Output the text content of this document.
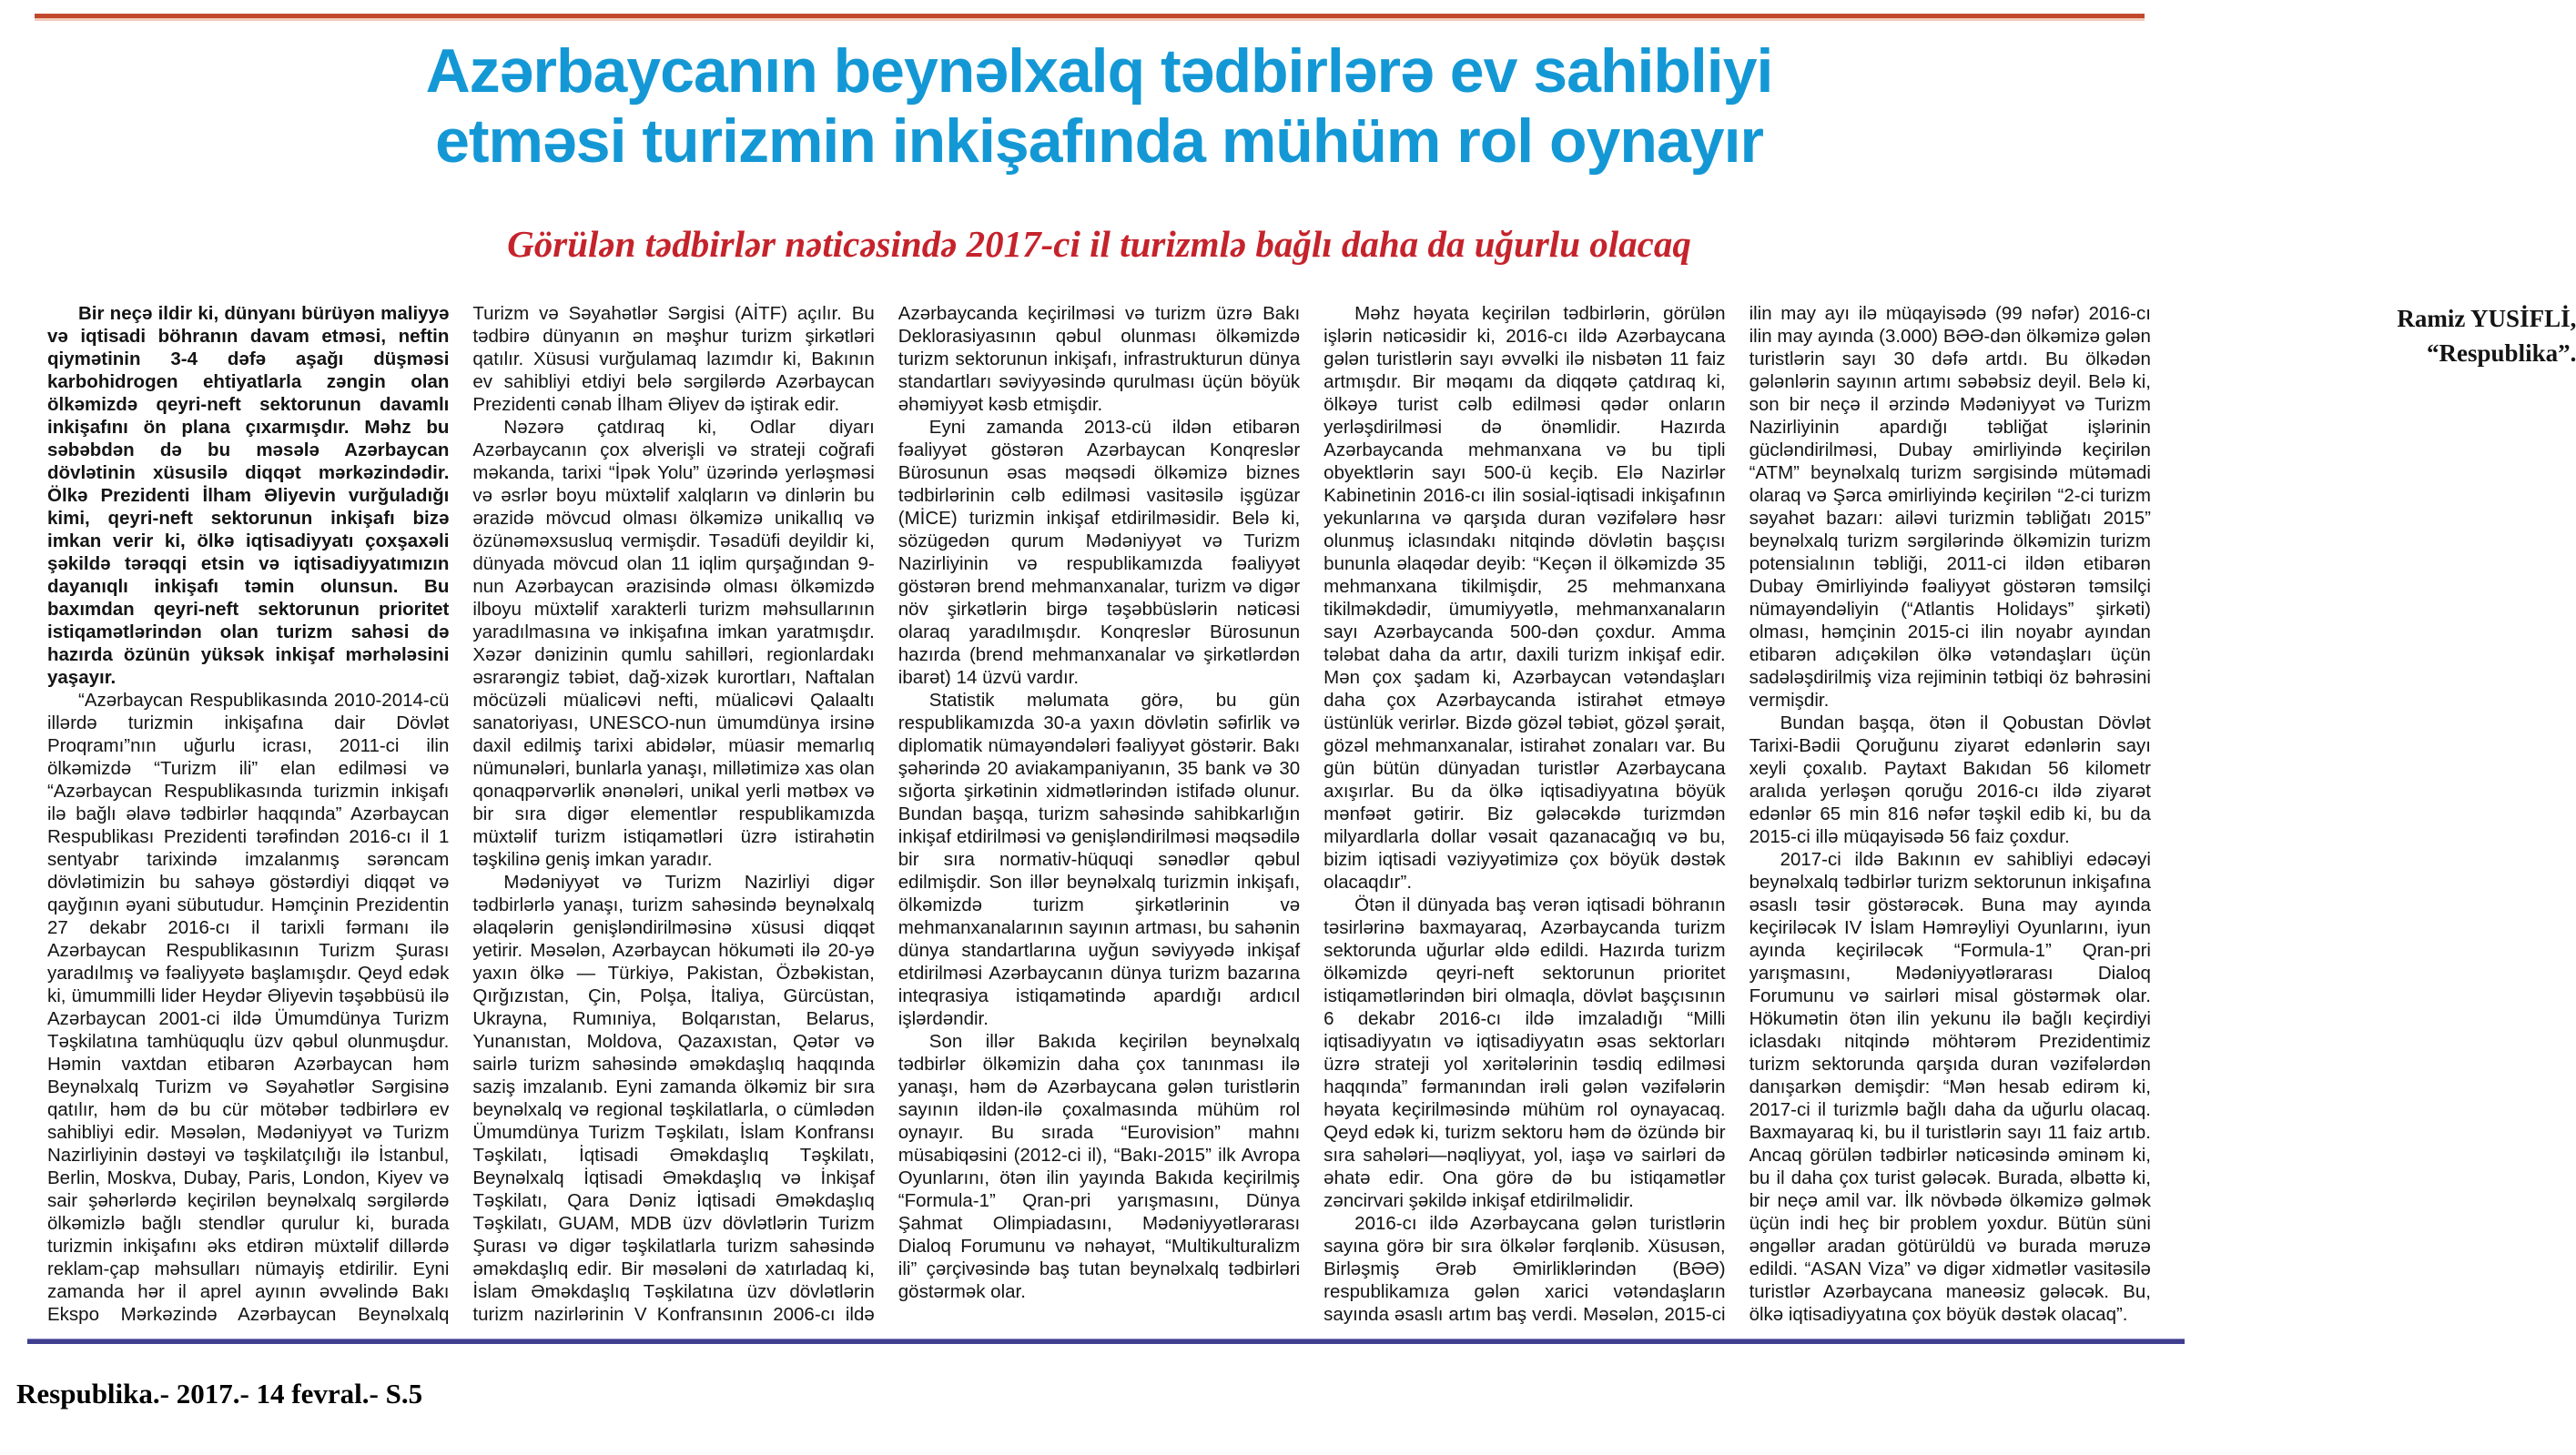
Azərbaycanın beynəlxalq tədbirlərə ev sahibliyi
etməsi turizmin inkişafında mühüm rol oynayır
Görülən tədbirlər nəticəsində 2017-ci il turizmlə bağlı daha da uğurlu olacaq

Bir neçə ildir ki, dünyanı bürüyən maliyyə və iqtisadi böhranın davam etməsi, neftin qiymətinin 3-4 dəfə aşağı düşməsi karbohidrogen ehtiyatlarla zəngin olan ölkəmizdə qeyri-neft sektorunun davamlı inkişafını ön plana çıxarmışdır. Məhz bu səbəbdən də bu məsələ Azərbaycan dövlətinin xüsusilə diqqət mərkəzindədir. Ölkə Prezidenti İlham Əliyevin vurğuladığı kimi, qeyri-neft sektorunun inkişafı bizə imkan verir ki, ölkə iqtisadiyyatı çoxşaxəli şəkildə tərəqqi etsin və iqtisadiyyatımızın dayanıqlı inkişafı təmin olunsun. Bu baxımdan qeyri-neft sektorunun prioritet istiqamətlərindən olan turizm sahəsi də hazırda özünün yüksək inkişaf mərhələsini yaşayır.

“Azərbaycan Respublikasında 2010-2014-cü illərdə turizmin inkişafına dair Dövlət Proqramı”nın uğurlu icrası, 2011-ci ilin ölkəmizdə “Turizm ili” elan edilməsi və “Azərbaycan Respublikasında turizmin inkişafı ilə bağlı əlavə tədbirlər haqqında” Azərbaycan Respublikası Prezidenti tərəfindən 2016-cı il 1 sentyabr tarixində imzalanmış sərəncam dövlətimizin bu sahəyə göstərdiyi diqqət və qayğının əyani sübutudur. Həmçinin Prezidentin 27 dekabr 2016-cı il tarixli fərmanı ilə Azərbaycan Respublikasının Turizm Şurası yaradılmış və fəaliyyətə başlamışdır. Qeyd edək ki, ümummilli lider Heydər Əliyevin təşəbbüsü ilə Azərbaycan 2001-ci ildə Ümumdünya Turizm Təşkilatına tamhüquqlu üzv qəbul olunmuşdur. Həmin vaxtdan etibarən Azərbaycan həm Beynəlxalq Turizm və Səyahətlər Sərgisinə qatılır, həm də bu cür mötəbər tədbirlərə ev sahibliyi edir. Məsələn, Mədəniyyət və Turizm Nazirliyinin dəstəyi və təşkilatçılığı ilə İstanbul, Berlin, Moskva, Dubay, Paris, London, Kiyev və sair şəhərlərdə keçirilən beynəlxalq sərgilərdə ölkəmizlə bağlı stendlər qurulur ki, burada turizmin inkişafını əks etdirən müxtəlif dillərdə reklam-çap məhsulları nümayiş etdirilir. Eyni zamanda hər il aprel ayının əvvəlində Bakı Ekspo Mərkəzində Azərbaycan Beynəlxalq Turizm və Səyahətlər Sərgisi (AİTF) açılır. Bu tədbirə dünyanın ən məşhur turizm şirkətləri qatılır. Xüsusi vurğulamaq lazımdır ki, Bakının ev sahibliyi etdiyi belə sərgilərdə Azərbaycan Prezidenti cənab İlham Əliyev də iştirak edir.

Nəzərə çatdıraq ki, Odlar diyarı Azərbaycanın çox əlverişli və strateji coğrafi məkanda, tarixi “İpək Yolu” üzərində yerləşməsi və əsrlər boyu müxtəlif xalqların və dinlərin bu ərazidə mövcud olması ölkəmizə unikallıq və özünəməxsusluq vermişdir. Təsadüfi deyildir ki, dünyada mövcud olan 11 iqlim qurşağından 9-nun Azərbaycan ərazisində olması ölkəmizdə ilboyu müxtəlif xarakterli turizm məhsullarının yaradılmasına və inkişafına imkan yaratmışdır. Xəzər dənizinin qumlu sahilləri, regionlardakı əsrarəngiz təbiət, dağ-xizək kurortları, Naftalan möcüzəli müalicəvi nefti, müalicəvi Qalaaltı sanatoriyası, UNESCO-nun ümumdünya irsinə daxil edilmiş tarixi abidələr, müasir memarlıq nümunələri, bunlarla yanaşı, millətimizə xas olan qonaqpərvərlik ənənələri, unikal yerli mətbəx və bir sıra digər elementlər respublikamızda müxtəlif turizm istiqamətləri üzrə istirahətin təşkilinə geniş imkan yaradır.

Mədəniyyət və Turizm Nazirliyi digər tədbirlərlə yanaşı, turizm sahəsində beynəlxalq əlaqələrin genişləndirilməsinə xüsusi diqqət yetirir. Məsələn, Azərbaycan hökuməti ilə 20-yə yaxın ölkə — Türkiyə, Pakistan, Özbəkistan, Qırğızıstan, Çin, Polşa, İtaliya, Gürcüstan, Ukrayna, Rumıniya, Bolqarıstan, Belarus, Yunanıstan, Moldova, Qazaxıstan, Qətər və sairlə turizm sahəsində əməkdaşlıq haqqında saziş imzalanıb. Eyni zamanda ölkəmiz bir sıra beynəlxalq və regional təşkilatlarla, o cümlədən Ümumdünya Turizm Təşkilatı, İslam Konfransı Təşkilatı, İqtisadi Əməkdaşlıq Təşkilatı, Beynəlxalq İqtisadi Əməkdaşlıq və İnkişaf Təşkilatı, Qara Dəniz İqtisadi Əməkdaşlıq Təşkilatı, GUAM, MDB üzv dövlətlərin Turizm Şurası və digər təşkilatlarla turizm sahəsində əməkdaşlıq edir. Bir məsələni də xatırladaq ki, İslam Əməkdaşlıq Təşkilatına üzv dövlətlərin turizm nazirlərinin V Konfransının 2006-cı ildə Azərbaycanda keçirilməsi və turizm üzrə Bakı Deklorasiyasının qəbul olunması ölkəmizdə turizm sektorunun inkişafı, infrastrukturun dünya standartları səviyyəsində qurulması üçün böyük əhəmiyyət kəsb etmişdir.

Eyni zamanda 2013-cü ildən etibarən fəaliyyət göstərən Azərbaycan Konqreslər Bürosunun əsas məqsədi ölkəmizə biznes tədbirlərinin cəlb edilməsi vasitəsilə işgüzar (MİCE) turizmin inkişaf etdirilməsidir. Belə ki, sözügedən qurum Mədəniyyət və Turizm Nazirliyinin və respublikamızda fəaliyyət göstərən brend mehmanxanalar, turizm və digər növ şirkətlərin birgə təşəbbüslərin nəticəsi olaraq yaradılmışdır. Konqreslər Bürosunun hazırda (brend mehmanxanalar və şirkətlərdən ibarət) 14 üzvü vardır.

Statistik məlumata görə, bu gün respublikamızda 30-a yaxın dövlətin səfirlik və diplomatik nümayəndələri fəaliyyət göstərir. Bakı şəhərində 20 aviakampaniyanın, 35 bank və 30 sığorta şirkətinin xidmətlərindən istifadə olunur. Bundan başqa, turizm sahəsində sahibkarlığın inkişaf etdirilməsi və genişləndirilməsi məqsədilə bir sıra normativ-hüquqi sənədlər qəbul edilmişdir. Son illər beynəlxalq turizmin inkişafı, ölkəmizdə turizm şirkətlərinin və mehmanxanalarının sayının artması, bu sahənin dünya standartlarına uyğun səviyyədə inkişaf etdirilməsi Azərbaycanın dünya turizm bazarına inteqrasiya istiqamətində apardığı ardıcıl işlərdəndir.

Son illər Bakıda keçirilən beynəlxalq tədbirlər ölkəmizin daha çox tanınması ilə yanaşı, həm də Azərbaycana gələn turistlərin sayının ildən-ilə çoxalmasında mühüm rol oynayır. Bu sırada “Eurovision” mahnı müsabiqəsini (2012-ci il), “Bakı-2015” ilk Avropa Oyunlarını, ötən ilin yayında Bakıda keçirilmiş “Formula-1” Qran-pri yarışmasını, Dünya Şahmat Olimpiadasını, Mədəniyyətlərarası Dialoq Forumunu və nəhayət, “Multikulturalizm ili” çərçivəsində baş tutan beynəlxalq tədbirləri göstərmək olar.

Məhz həyata keçirilən tədbirlərin, görülən işlərin nəticəsidir ki, 2016-cı ildə Azərbaycana gələn turistlərin sayı əvvəlki ilə nisbətən 11 faiz artmışdır. Bir məqamı da diqqətə çatdıraq ki, ölkəyə turist cəlb edilməsi qədər onların yerləşdirilməsi də önəmlidir. Hazırda Azərbaycanda mehmanxana və bu tipli obyektlərin sayı 500-ü keçib. Elə Nazirlər Kabinetinin 2016-cı ilin sosial-iqtisadi inkişafının yekunlarına və qarşıda duran vəzifələrə həsr olunmuş iclasındakı nitqində dövlətin başçısı bununla əlaqədar deyib: “Keçən il ölkəmizdə 35 mehmanxana tikilmişdir, 25 mehmanxana tikilməkdədir, ümumiyyətlə, mehmanxanaların sayı Azərbaycanda 500-dən çoxdur. Amma tələbat daha da artır, daxili turizm inkişaf edir. Mən çox şadam ki, Azərbaycan vətəndaşları daha çox Azərbaycanda istirahət etməyə üstünlük verirlər. Bizdə gözəl təbiət, gözəl şərait, gözəl mehmanxanalar, istirahət zonaları var. Bu gün bütün dünyadan turistlər Azərbaycana axışırlar. Bu da ölkə iqtisadiyyatına böyük mənfəət gətirir. Biz gələcəkdə turizmdən milyardlarla dollar vəsait qazanacağıq və bu, bizim iqtisadi vəziyyətimizə çox böyük dəstək olacaqdır”.

Ötən il dünyada baş verən iqtisadi böhranın təsirlərinə baxmayaraq, Azərbaycanda turizm sektorunda uğurlar əldə edildi. Hazırda turizm ölkəmizdə qeyri-neft sektorunun prioritet istiqamətlərindən biri olmaqla, dövlət başçısının 6 dekabr 2016-cı ildə imzaladığı “Milli iqtisadiyyatın və iqtisadiyyatın əsas sektorları üzrə strateji yol xəritələrinin təsdiq edilməsi haqqında” fərmanından irəli gələn vəzifələrin həyata keçirilməsində mühüm rol oynayacaq. Qeyd edək ki, turizm sektoru həm də özündə bir sıra sahələri—nəqliyyat, yol, iaşə və sairləri də əhatə edir. Ona görə də bu istiqamətlər zəncirvari şəkildə inkişaf etdirilməlidir.

2016-cı ildə Azərbaycana gələn turistlərin sayına görə bir sıra ölkələr fərqlənib. Xüsusən, Birləşmiş Ərəb Əmirliklərindən (BƏƏ) respublikamıza gələn xarici vətəndaşların sayında əsaslı artım baş verdi. Məsələn, 2015-ci ilin may ayı ilə müqayisədə (99 nəfər) 2016-cı ilin may ayında (3.000) BƏƏ-dən ölkəmizə gələn turistlərin sayı 30 dəfə artdı. Bu ölkədən gələnlərin sayının artımı səbəbsiz deyil. Belə ki, son bir neçə il ərzində Mədəniyyət və Turizm Nazirliyinin apardığı təbliğat işlərinin gücləndirilməsi, Dubay əmirliyində keçirilən “ATM” beynəlxalq turizm sərgisində mütəmadi olaraq və Şərca əmirliyində keçirilən “2-ci turizm səyahət bazarı: ailəvi turizmin təbliğatı 2015” beynəlxalq turizm sərgilərində ölkəmizin turizm potensialının təbliği, 2011-ci ildən etibarən Dubay Əmirliyində fəaliyyət göstərən təmsilçi nümayəndəliyin (“Atlantis Holidays” şirkəti) olması, həmçinin 2015-ci ilin noyabr ayından etibarən adıçəkilən ölkə vətəndaşları üçün sadələşdirilmiş viza rejiminin tətbiqi öz bəhrəsini vermişdir.

Bundan başqa, ötən il Qobustan Dövlət Tarixi-Bədii Qoruğunu ziyarət edənlərin sayı xeyli çoxalıb. Paytaxt Bakıdan 56 kilometr aralıda yerləşən qoruğu 2016-cı ildə ziyarət edənlər 65 min 816 nəfər təşkil edib ki, bu da 2015-ci illə müqayisədə 56 faiz çoxdur.

2017-ci ildə Bakının ev sahibliyi edəcəyi beynəlxalq tədbirlər turizm sektorunun inkişafına əsaslı təsir göstərəcək. Buna may ayında keçiriləcək IV İslam Həmrəyliyi Oyunlarını, iyun ayında keçiriləcək “Formula-1” Qran-pri yarışmasını, Mədəniyyətlərarası Dialoq Forumunu və sairləri misal göstərmək olar. Hökumətin ötən ilin yekunu ilə bağlı keçirdiyi iclasdakı nitqində möhtərəm Prezidentimiz turizm sektorunda qarşıda duran vəzifələrdən danışarkən demişdir: “Mən hesab edirəm ki, 2017-ci il turizmlə bağlı daha da uğurlu olacaq. Baxmayaraq ki, bu il turistlərin sayı 11 faiz artıb. Ancaq görülən tədbirlər nəticəsində əminəm ki, bu il daha çox turist gələcək. Burada, əlbəttə ki, bir neçə amil var. İlk növbədə ölkəmizə gəlmək üçün indi heç bir problem yoxdur. Bütün süni əngəllər aradan götürüldü və burada məruzə edildi. “ASAN Viza” və digər xidmətlər vasitəsilə turistlər Azərbaycana maneəsiz gələcək. Bu, ölkə iqtisadiyyatına çox böyük dəstək olacaq”.

Ramiz YUSİFLİ,
“Respublika”.
Respublika.- 2017.- 14 fevral.- S.5
